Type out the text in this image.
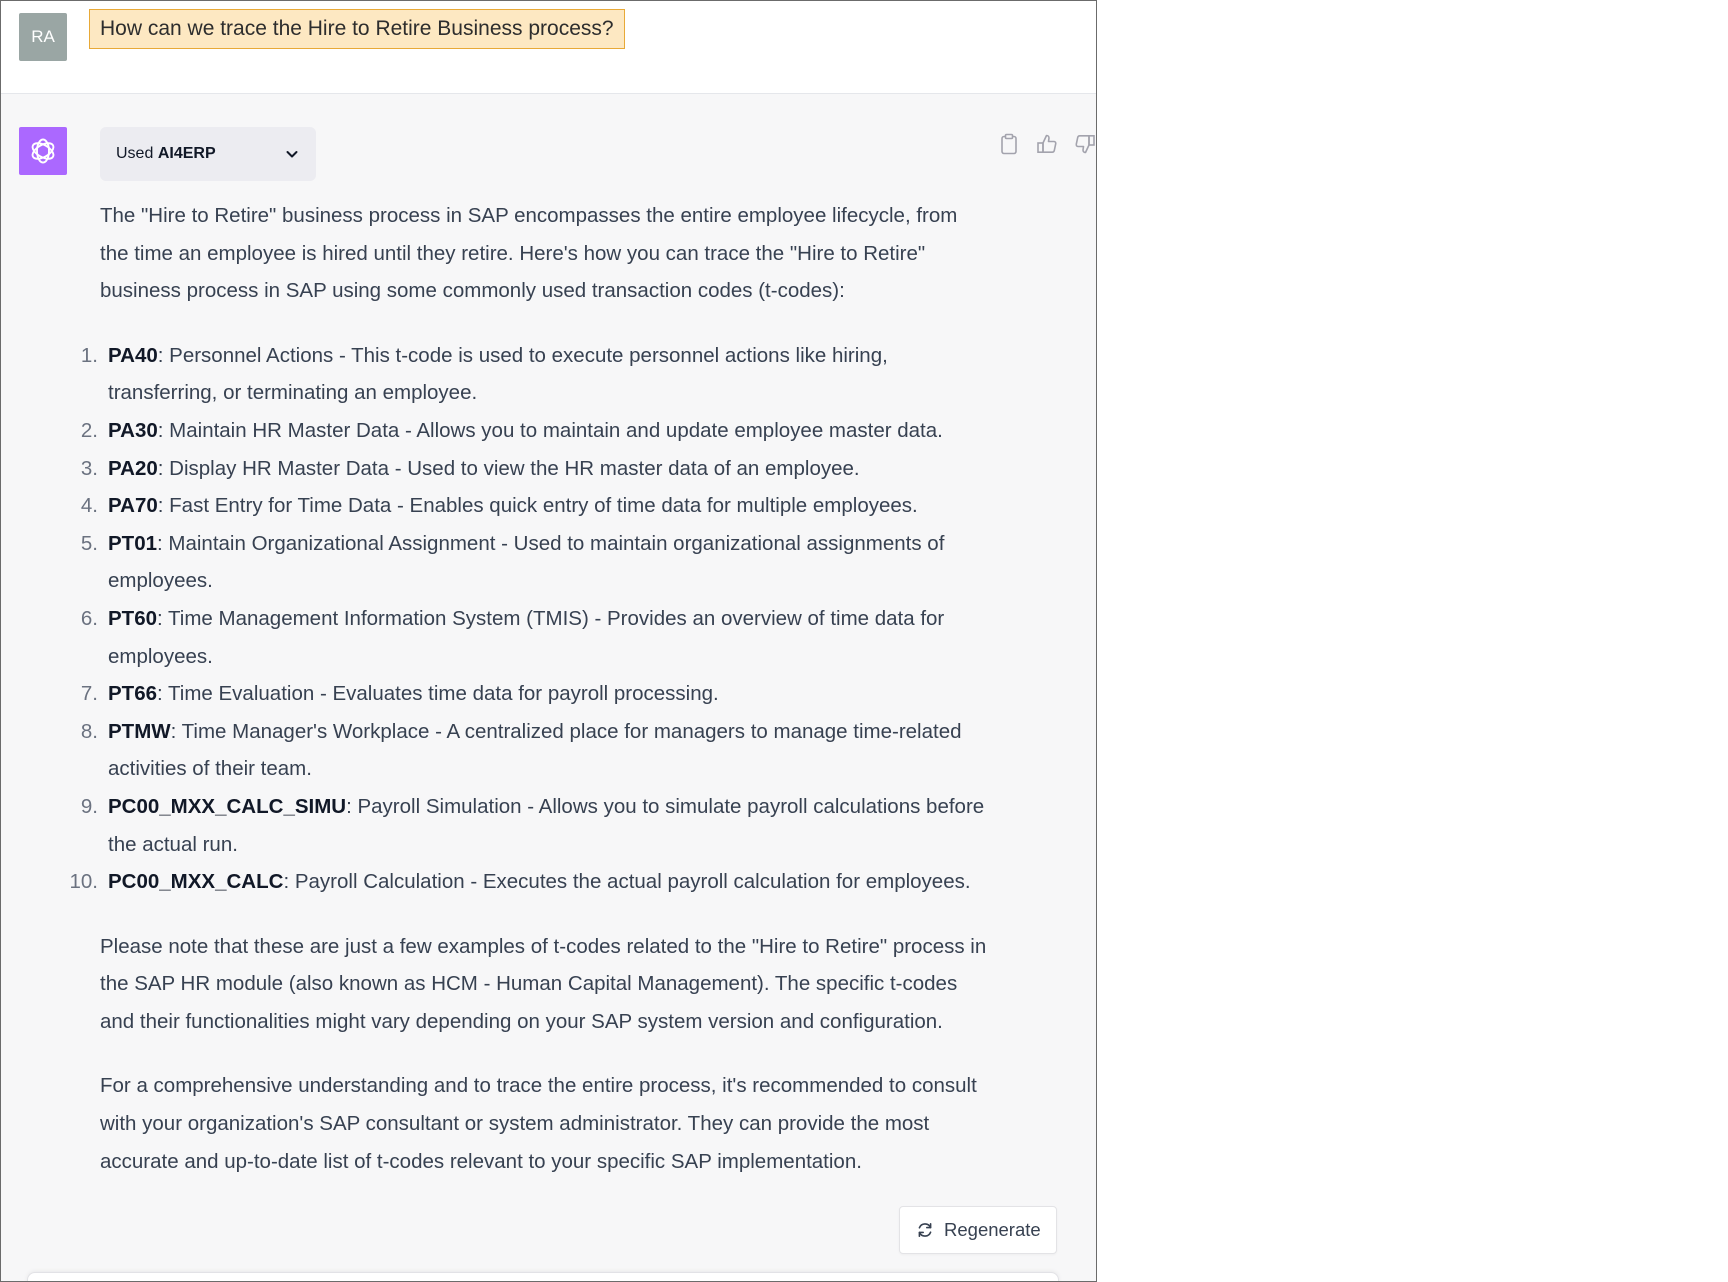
RA	How can we trace the Hire to Retire Business process?
Used AI4ERP

The "Hire to Retire" business process in SAP encompasses the entire employee lifecycle, from the time an employee is hired until they retire. Here's how you can trace the "Hire to Retire" business process in SAP using some commonly used transaction codes (t-codes):

1. PA40: Personnel Actions - This t-code is used to execute personnel actions like hiring, transferring, or terminating an employee.
2. PA30: Maintain HR Master Data - Allows you to maintain and update employee master data.
3. PA20: Display HR Master Data - Used to view the HR master data of an employee.
4. PA70: Fast Entry for Time Data - Enables quick entry of time data for multiple employees.
5. PT01: Maintain Organizational Assignment - Used to maintain organizational assignments of employees.
6. PT60: Time Management Information System (TMIS) - Provides an overview of time data for employees.
7. PT66: Time Evaluation - Evaluates time data for payroll processing.
8. PTMW: Time Manager's Workplace - A centralized place for managers to manage time-related activities of their team.
9. PC00_MXX_CALC_SIMU: Payroll Simulation - Allows you to simulate payroll calculations before the actual run.
10. PC00_MXX_CALC: Payroll Calculation - Executes the actual payroll calculation for employees.

Please note that these are just a few examples of t-codes related to the "Hire to Retire" process in the SAP HR module (also known as HCM - Human Capital Management). The specific t-codes and their functionalities might vary depending on your SAP system version and configuration.

For a comprehensive understanding and to trace the entire process, it's recommended to consult with your organization's SAP consultant or system administrator. They can provide the most accurate and up-to-date list of t-codes relevant to your specific SAP implementation.

Regenerate
